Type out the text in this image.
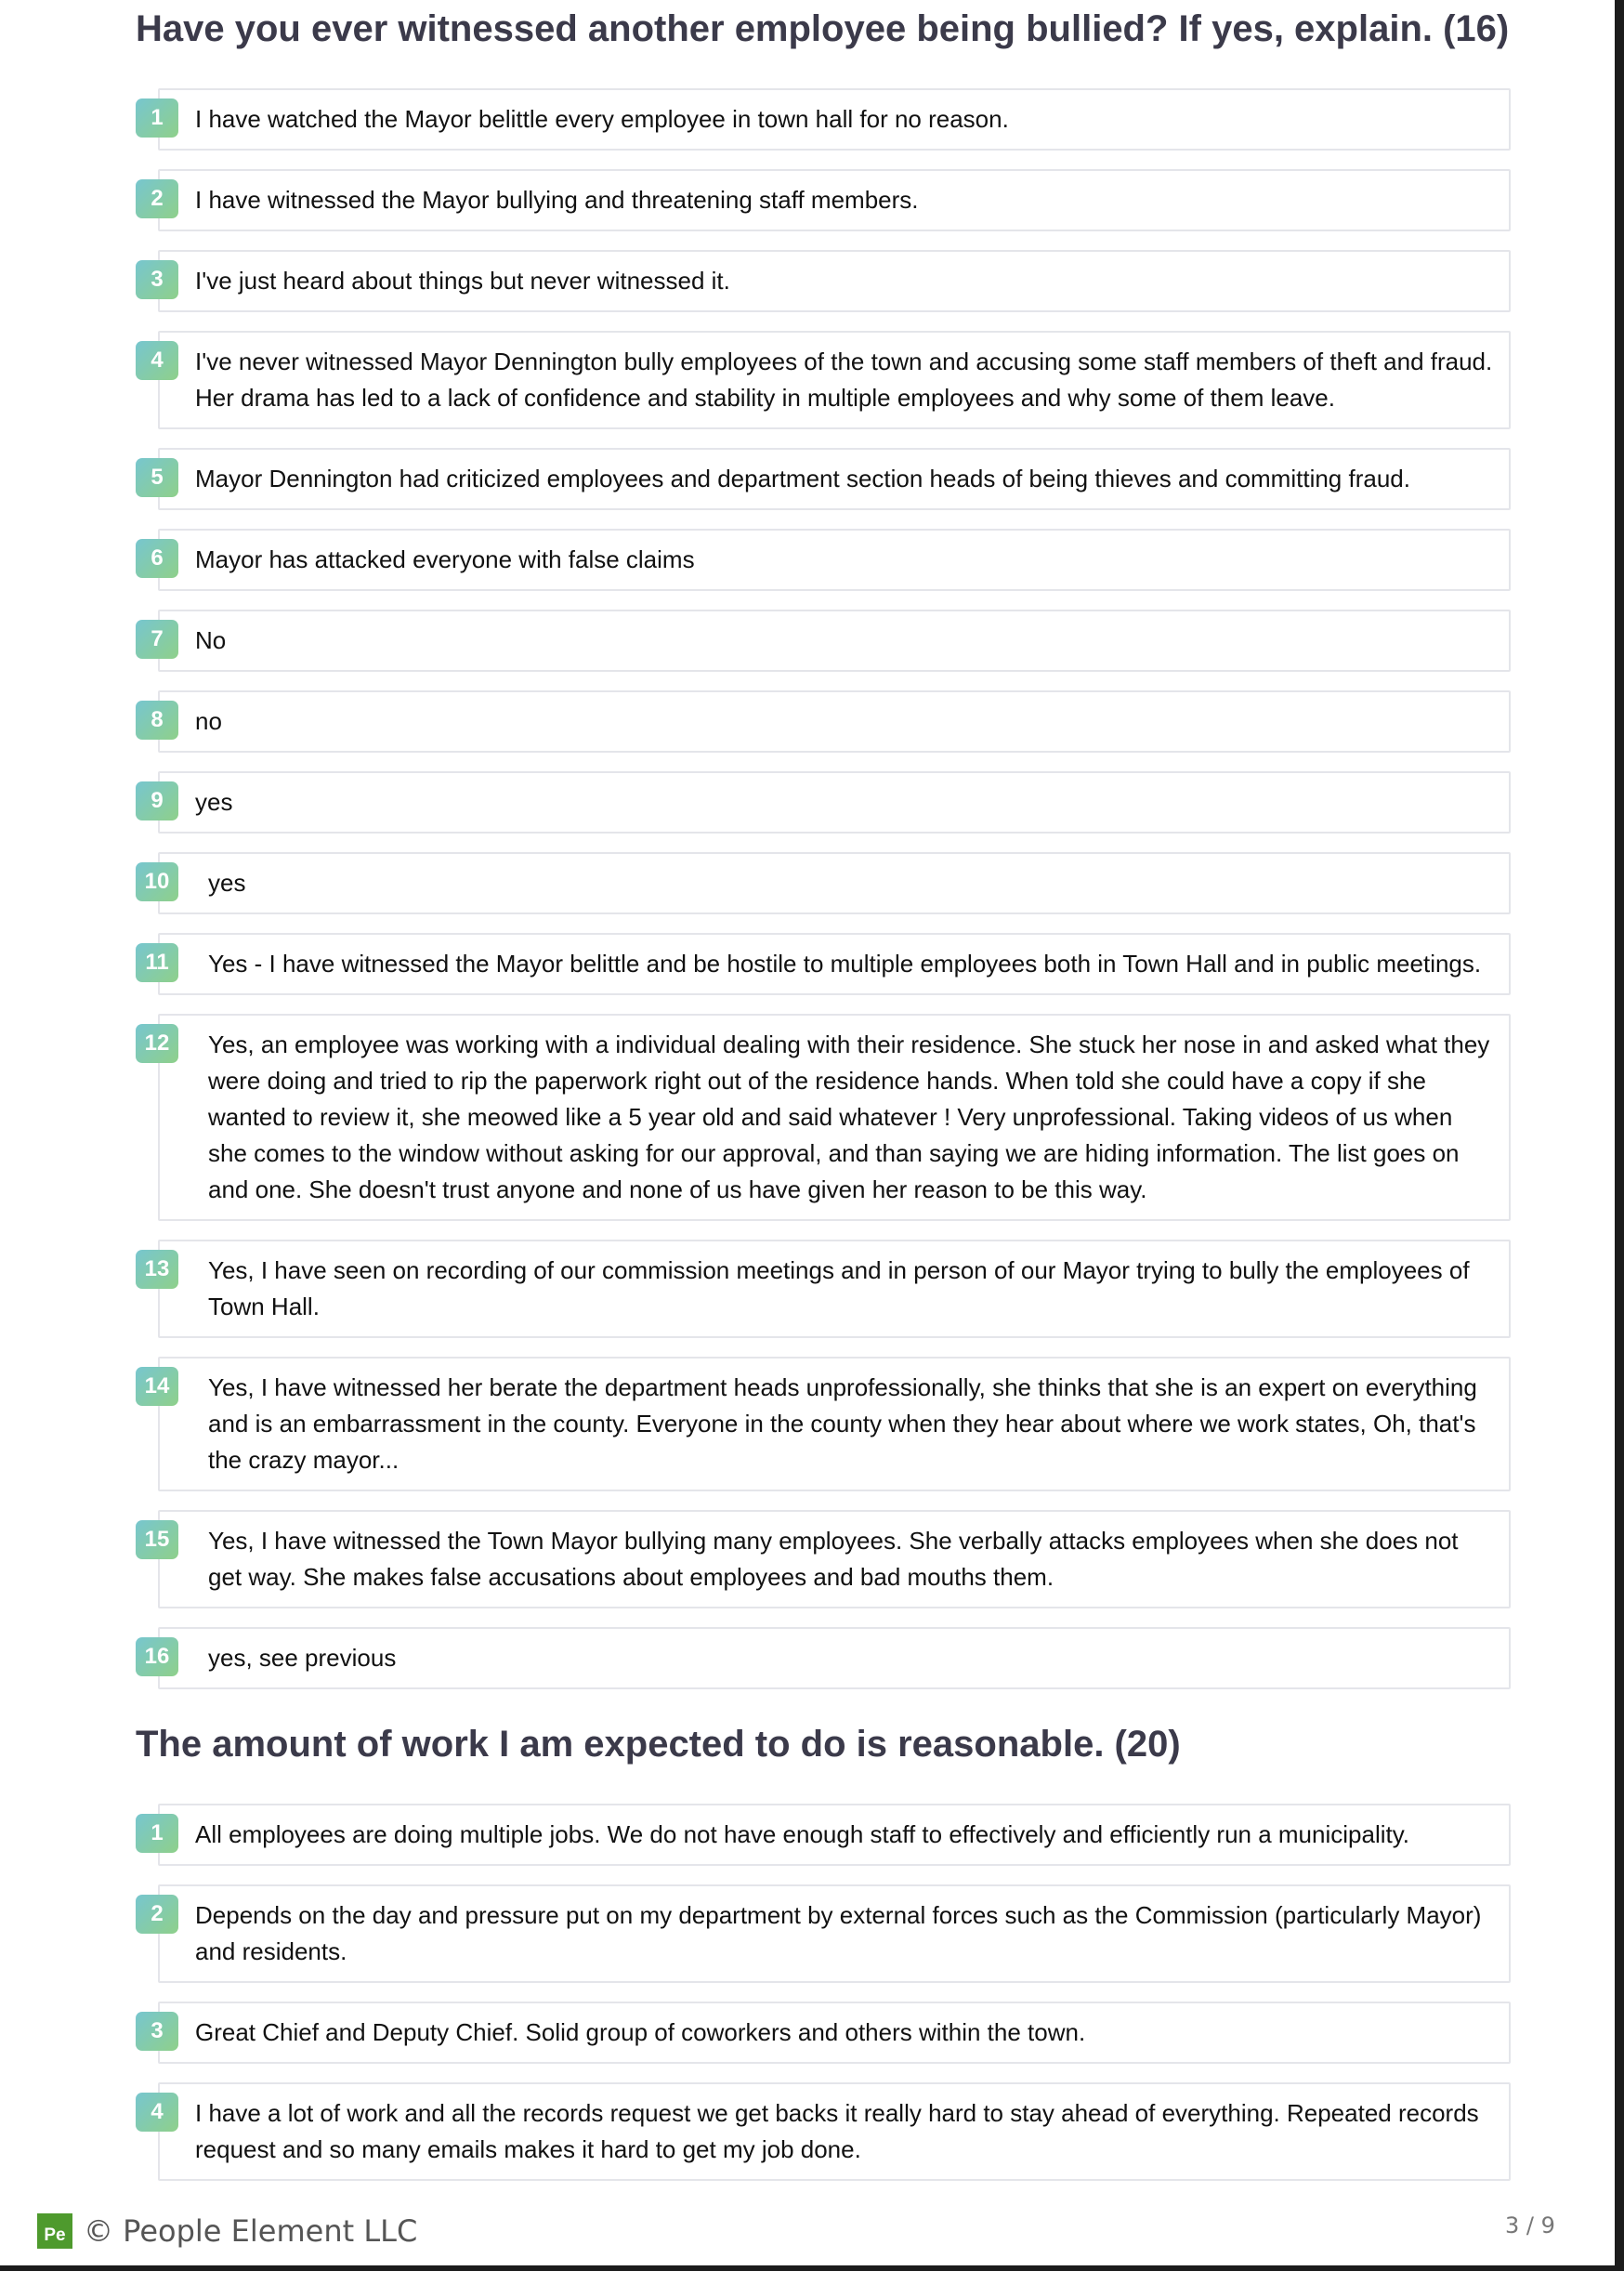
Have you ever witnessed another employee being bullied? If yes, explain. (16)
1	I have watched the Mayor belittle every employee in town hall for no reason.
2	I have witnessed the Mayor bullying and threatening staff members.
3	I've just heard about things but never witnessed it.
4	I've never witnessed Mayor Dennington bully employees of the town and accusing some staff members of theft and fraud. Her drama has led to a lack of confidence and stability in multiple employees and why some of them leave.
5	Mayor Dennington had criticized employees and department section heads of being thieves and committing fraud.
6	Mayor has attacked everyone with false claims
7	No
8	no
9	yes
10	yes
11	Yes - I have witnessed the Mayor belittle and be hostile to multiple employees both in Town Hall and in public meetings.
12	Yes, an employee was working with a individual dealing with their residence. She stuck her nose in and asked what they were doing and tried to rip the paperwork right out of the residence hands. When told she could have a copy if she wanted to review it, she meowed like a 5 year old and said whatever ! Very unprofessional. Taking videos of us when she comes to the window without asking for our approval, and than saying we are hiding information. The list goes on and one. She doesn't trust anyone and none of us have given her reason to be this way.
13	Yes, I have seen on recording of our commission meetings and in person of our Mayor trying to bully the employees of Town Hall.
14	Yes, I have witnessed her berate the department heads unprofessionally, she thinks that she is an expert on everything and is an embarrassment in the county. Everyone in the county when they hear about where we work states, Oh, that's the crazy mayor...
15	Yes, I have witnessed the Town Mayor bullying many employees. She verbally attacks employees when she does not get way. She makes false accusations about employees and bad mouths them.
16	yes, see previous
The amount of work I am expected to do is reasonable. (20)
1	All employees are doing multiple jobs. We do not have enough staff to effectively and efficiently run a municipality.
2	Depends on the day and pressure put on my department by external forces such as the Commission (particularly Mayor) and residents.
3	Great Chief and Deputy Chief. Solid group of coworkers and others within the town.
4	I have a lot of work and all the records request we get backs it really hard to stay ahead of everything. Repeated records request and so many emails makes it hard to get my job done.
Pe © People Element LLC	3 / 9
